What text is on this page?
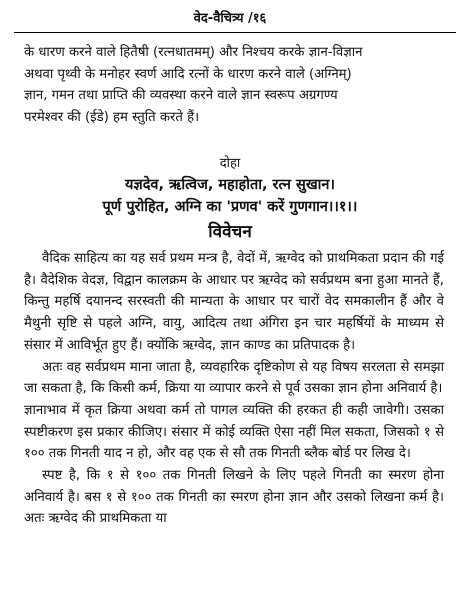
वेद-वैचित्र्य /१६

के धारण करने वाले हितैषी (रत्नधातमम्) और निश्चय करके ज्ञान-विज्ञान

अथवा पृथ्वी के मनोहर स्वर्ण आदि रत्नों के धारण करने वाले (अग्निम्)

ज्ञान, गमन तथा प्राप्ति की व्यवस्था करने वाले ज्ञान स्वरूप अग्रगण्य

परमेश्वर की (ईडे) हम स्तुति करते हैं।

दोहा
यज्ञदेव, ऋत्विज, महाहोता, रत्न सुखान।
पूर्ण पुरोहित, अग्नि का 'प्रणव' करें गुणगान।।१।।
विवेचन

वैदिक साहित्य का यह सर्व प्रथम मन्त्र है, वेदों में, ऋग्वेद को प्राथमिकता प्रदान की गई है। वैदेशिक वेदज्ञ, विद्वान कालक्रम के आधार पर ऋग्वेद को सर्वप्रथम बना हुआ मानते हैं, किन्तु महर्षि दयानन्द सरस्वती की मान्यता के आधार पर चारों वेद समकालीन हैं और वे मैथुनी सृष्टि से पहले अग्नि, वायु, आदित्य तथा अंगिरा इन चार महर्षियों के माध्यम से संसार में आविर्भूत हुए हैं। क्योंकि ऋग्वेद, ज्ञान काण्ड का प्रतिपादक है।

अतः वह सर्वप्रथम माना जाता है, व्यवहारिक दृष्टिकोण से यह विषय सरलता से समझा जा सकता है, कि किसी कर्म, क्रिया या व्यापार करने से पूर्व उसका ज्ञान होना अनिवार्य है।

ज्ञानाभाव में कृत क्रिया अथवा कर्म तो पागल व्यक्ति की हरकत ही कही जावेगी। उसका स्पष्टीकरण इस प्रकार कीजिए। संसार में कोई व्यक्ति ऐसा नहीं मिल सकता, जिसको १ से १०० तक गिनती याद न हो, और वह एक से सौ तक गिनती ब्लैक बोर्ड पर लिख दे।

स्पष्ट है, कि १ से १०० तक गिनती लिखने के लिए पहले गिनती का स्मरण होना अनिवार्य है। बस १ से १०० तक गिनती का स्मरण होना ज्ञान और उसको लिखना कर्म है। अतः ऋग्वेद की प्राथमिकता या
